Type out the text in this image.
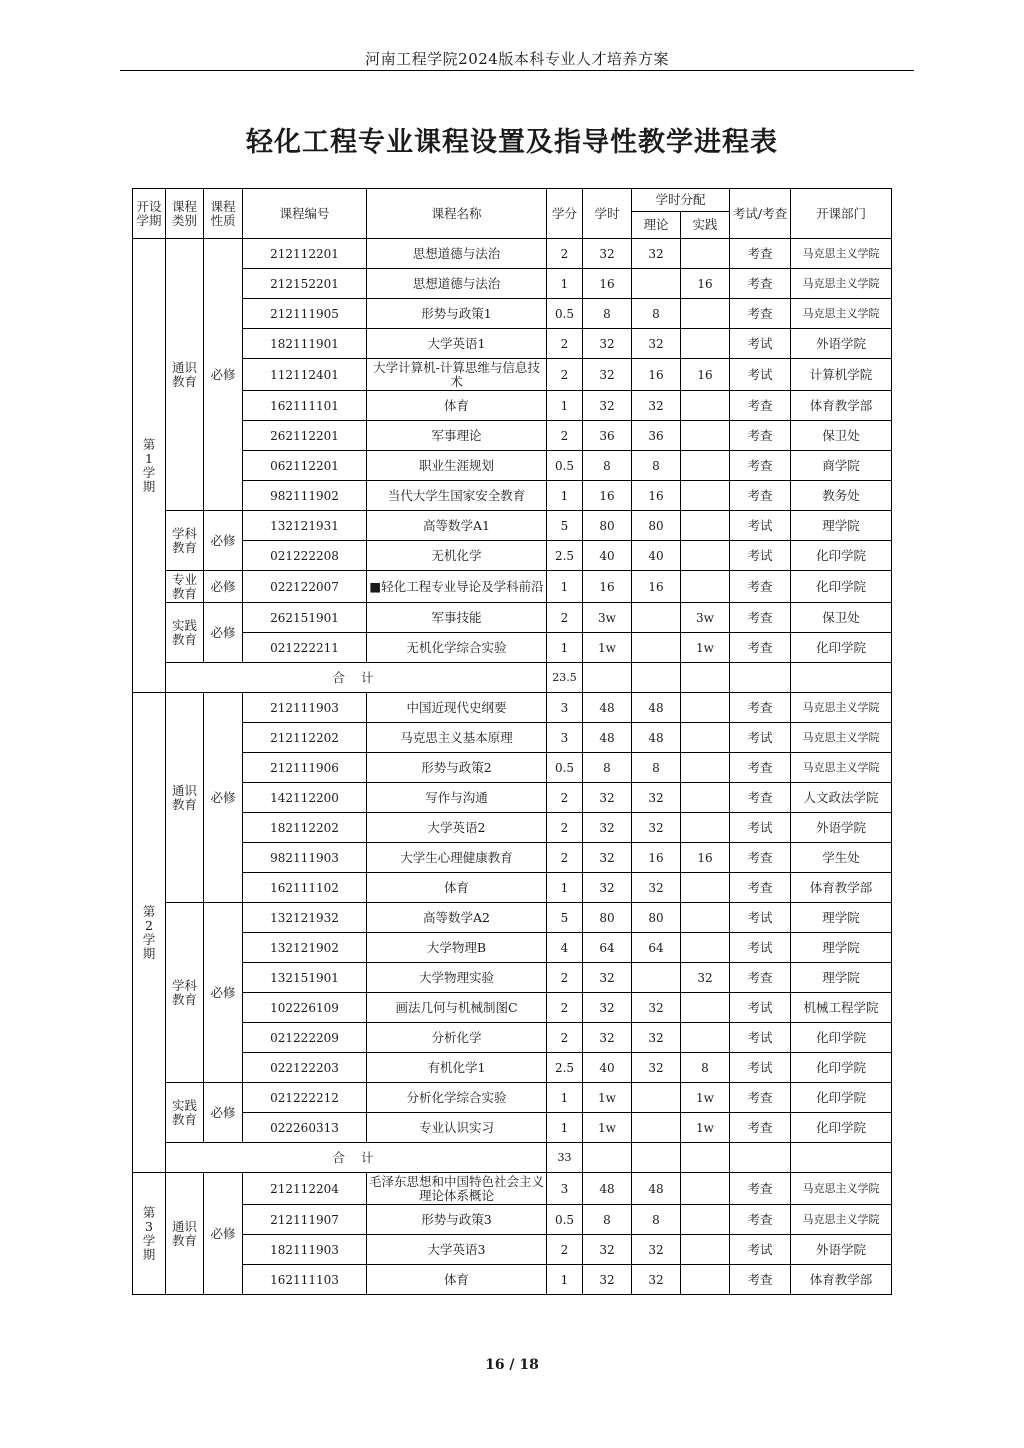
河南工程学院2024版本科专业人才培养方案
轻化工程专业课程设置及指导性教学进程表
开设学期	课程类别	课程性质	课程编号	课程名称	学分	学时	学时分配		考试/考查	开课部门
							理论	实践		

第
1
学
期	通识教育	必修	212112201	思想道德与法治	2	32	32		考查	马克思主义学院
			212152201	思想道德与法治	1	16		16	考查	马克思主义学院
			212111905	形势与政策1	0.5	8	8		考查	马克思主义学院
			182111901	大学英语1	2	32	32		考试	外语学院
			112112401	大学计算机-计算思维与信息技术	2	32	16	16	考试	计算机学院
			162111101	体育	1	32	32		考查	体育教学部
			262112201	军事理论	2	36	36		考查	保卫处
			062112201	职业生涯规划	0.5	8	8		考查	商学院
			982111902	当代大学生国家安全教育	1	16	16		考查	教务处
	学科教育	必修	132121931	高等数学A1	5	80	80		考试	理学院
			021222208	无机化学	2.5	40	40		考试	化印学院
	专业教育	必修	022122007	■轻化工程专业导论及学科前沿	1	16	16		考查	化印学院
	实践教育	必修	262151901	军事技能	2	3w		3w	考查	保卫处
			021222211	无机化学综合实验	1	1w		1w	考查	化印学院
	合 计				23.5					

第
2
学
期	通识教育	必修	212111903	中国近现代史纲要	3	48	48		考查	马克思主义学院
			212112202	马克思主义基本原理	3	48	48		考试	马克思主义学院
			212111906	形势与政策2	0.5	8	8		考查	马克思主义学院
			142112200	写作与沟通	2	32	32		考查	人文政法学院
			182112202	大学英语2	2	32	32		考试	外语学院
			982111903	大学生心理健康教育	2	32	16	16	考查	学生处
			162111102	体育	1	32	32		考查	体育教学部
	学科教育	必修	132121932	高等数学A2	5	80	80		考试	理学院
			132121902	大学物理B	4	64	64		考试	理学院
			132151901	大学物理实验	2	32		32	考查	理学院
			102226109	画法几何与机械制图C	2	32	32		考试	机械工程学院
			021222209	分析化学	2	32	32		考试	化印学院
			022122203	有机化学1	2.5	40	32	8	考试	化印学院
	实践教育	必修	021222212	分析化学综合实验	1	1w		1w	考查	化印学院
			022260313	专业认识实习	1	1w		1w	考查	化印学院
	合 计				33					

第
3
学
期	通识教育	必修	212112204	毛泽东思想和中国特色社会主义理论体系概论	3	48	48		考查	马克思主义学院
			212111907	形势与政策3	0.5	8	8		考查	马克思主义学院
			182111903	大学英语3	2	32	32		考试	外语学院
			162111103	体育	1	32	32		考查	体育教学部
16 / 18
